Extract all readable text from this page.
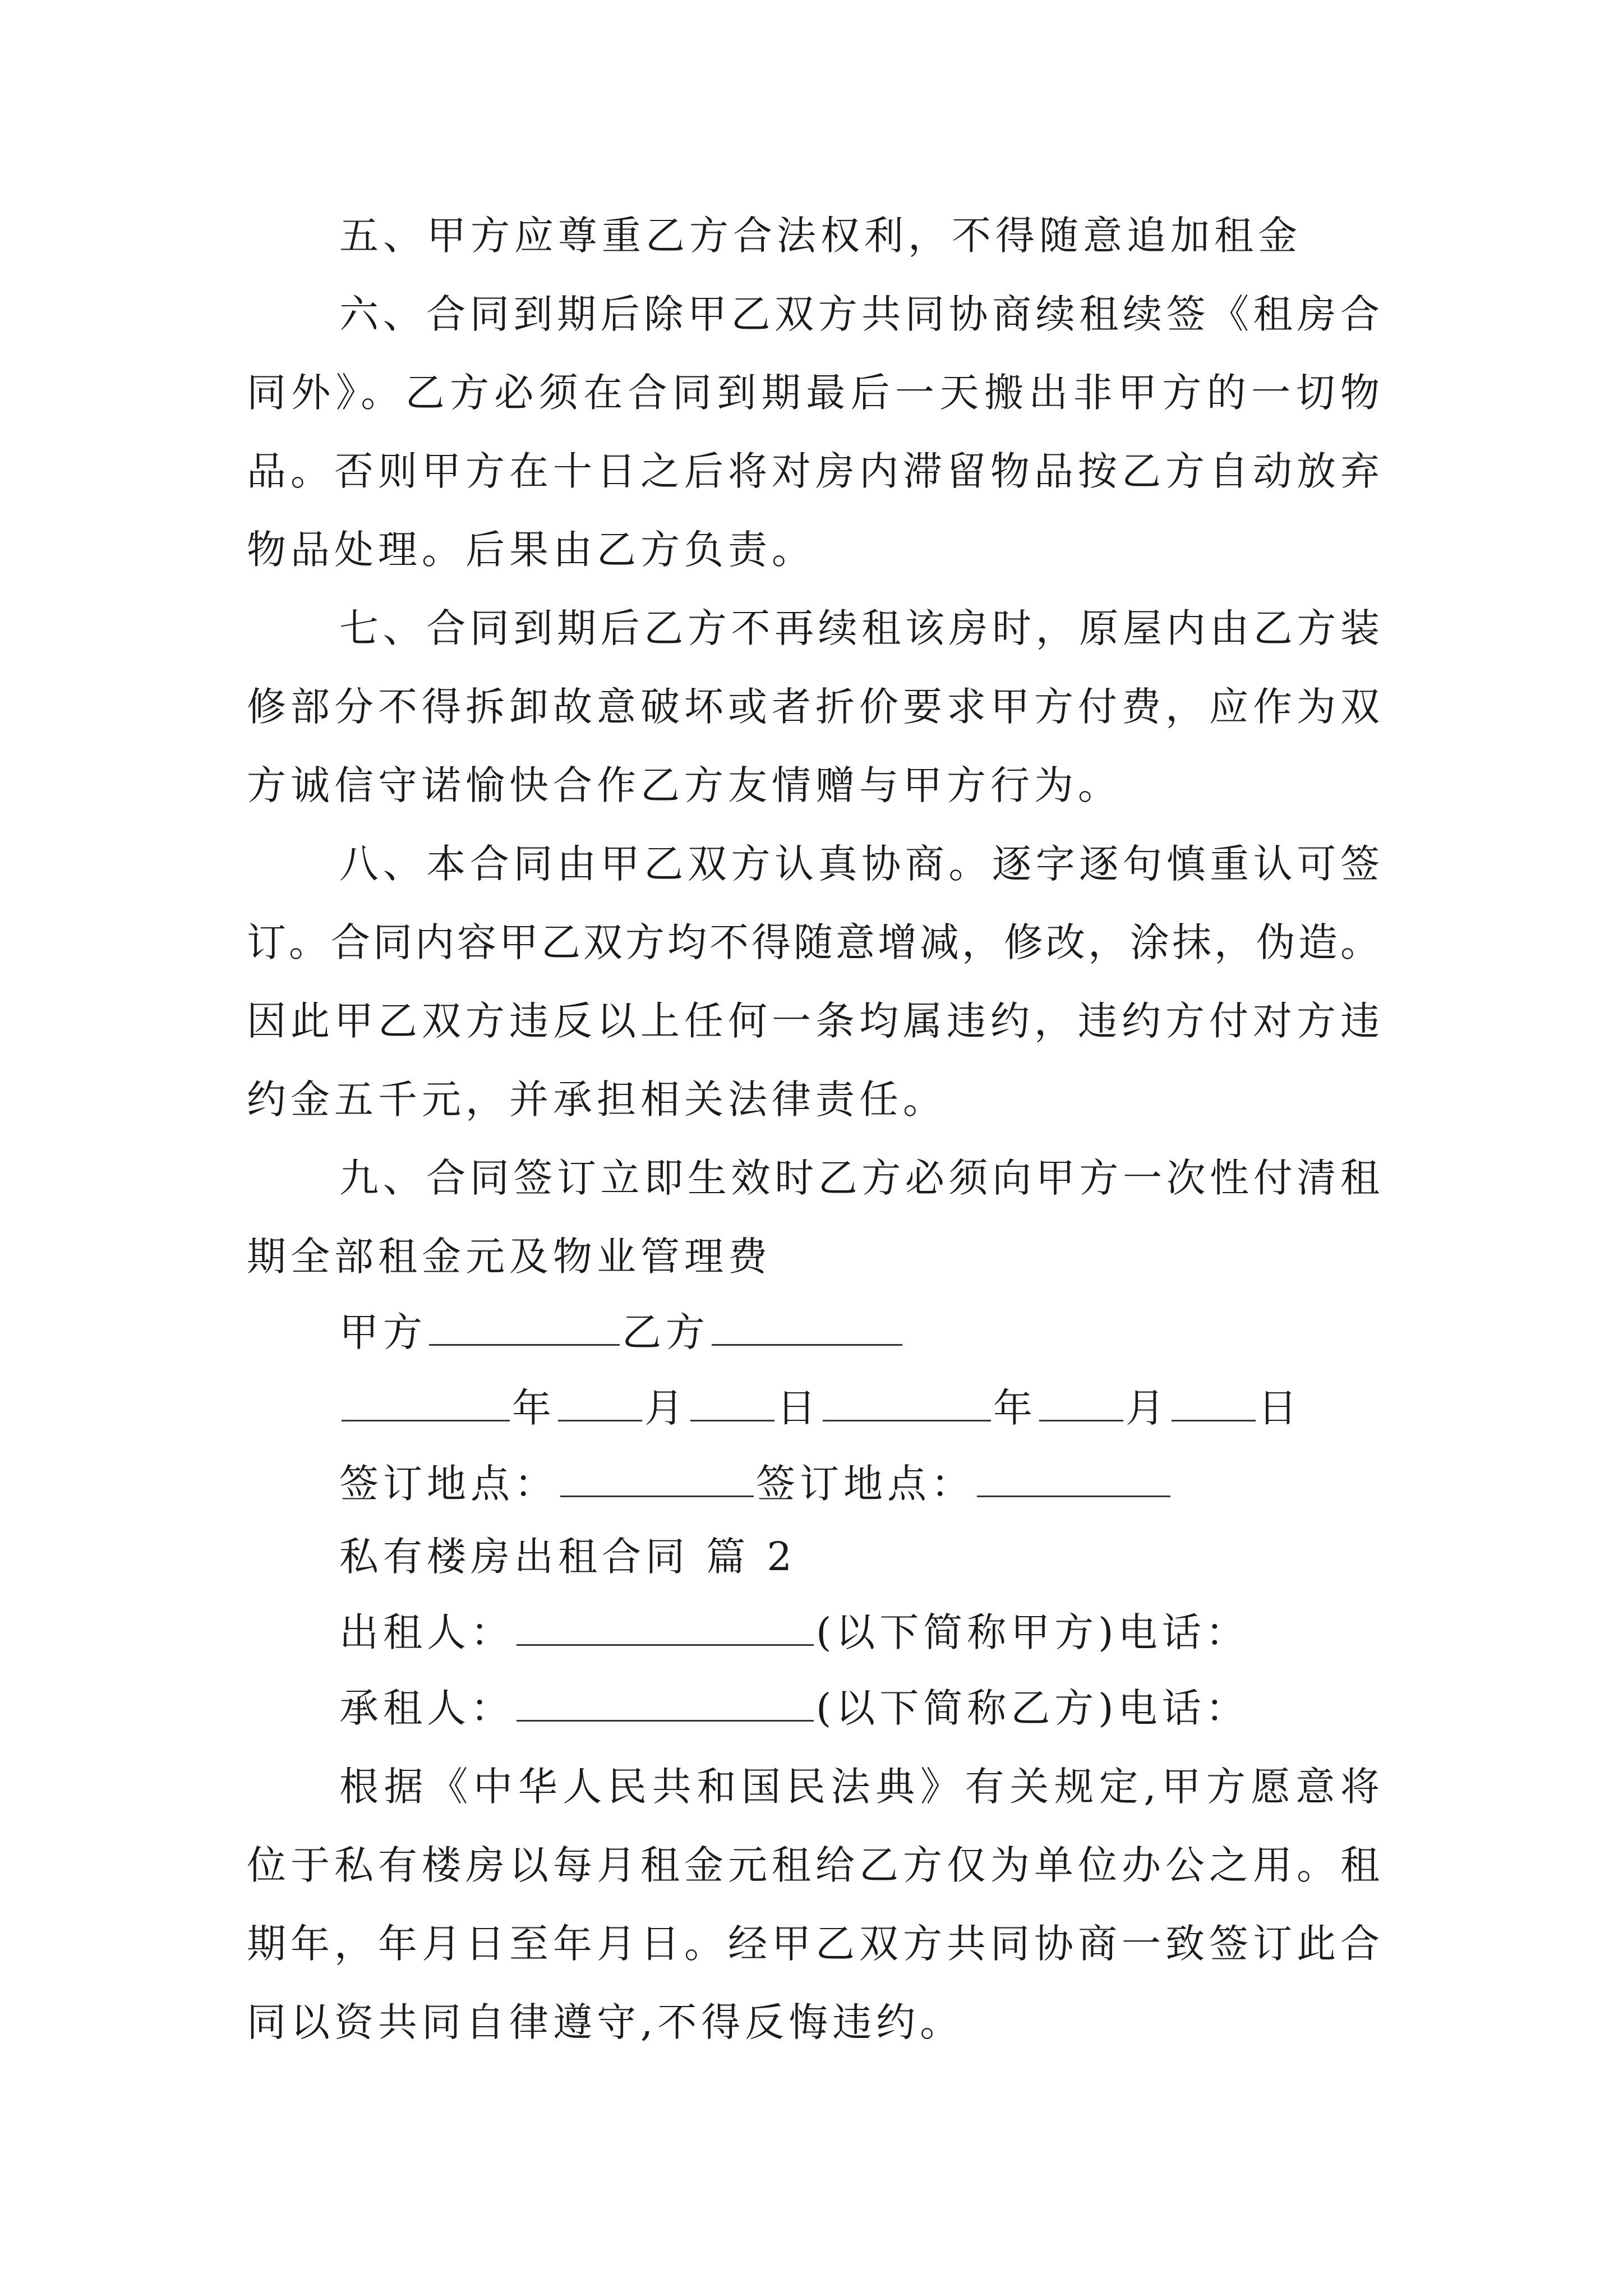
五、甲方应尊重乙方合法权利，不得随意追加租金
六、合同到期后除甲乙双方共同协商续租续签《租房合
同外》。乙方必须在合同到期最后一天搬出非甲方的一切物
品。否则甲方在十日之后将对房内滞留物品按乙方自动放弃
物品处理。后果由乙方负责。
七、合同到期后乙方不再续租该房时，原屋内由乙方装
修部分不得拆卸故意破坏或者折价要求甲方付费，应作为双
方诚信守诺愉快合作乙方友情赠与甲方行为。
八、本合同由甲乙双方认真协商。逐字逐句慎重认可签
订。合同内容甲乙双方均不得随意增减，修改，涂抹，伪造。
因此甲乙双方违反以上任何一条均属违约，违约方付对方违
约金五千元，并承担相关法律责任。
九、合同签订立即生效时乙方必须向甲方一次性付清租
期全部租金元及物业管理费
甲方	乙方
年 月 日	年 月 日
签订地点：	签订地点：
私有楼房出租合同 篇 2
出租人：	(以下简称甲方)电话：
承租人：	(以下简称乙方)电话：
根据《中华人民共和国民法典》有关规定,甲方愿意将
位于私有楼房以每月租金元租给乙方仅为单位办公之用。租
期年，年月日至年月日。经甲乙双方共同协商一致签订此合
同以资共同自律遵守,不得反悔违约。
